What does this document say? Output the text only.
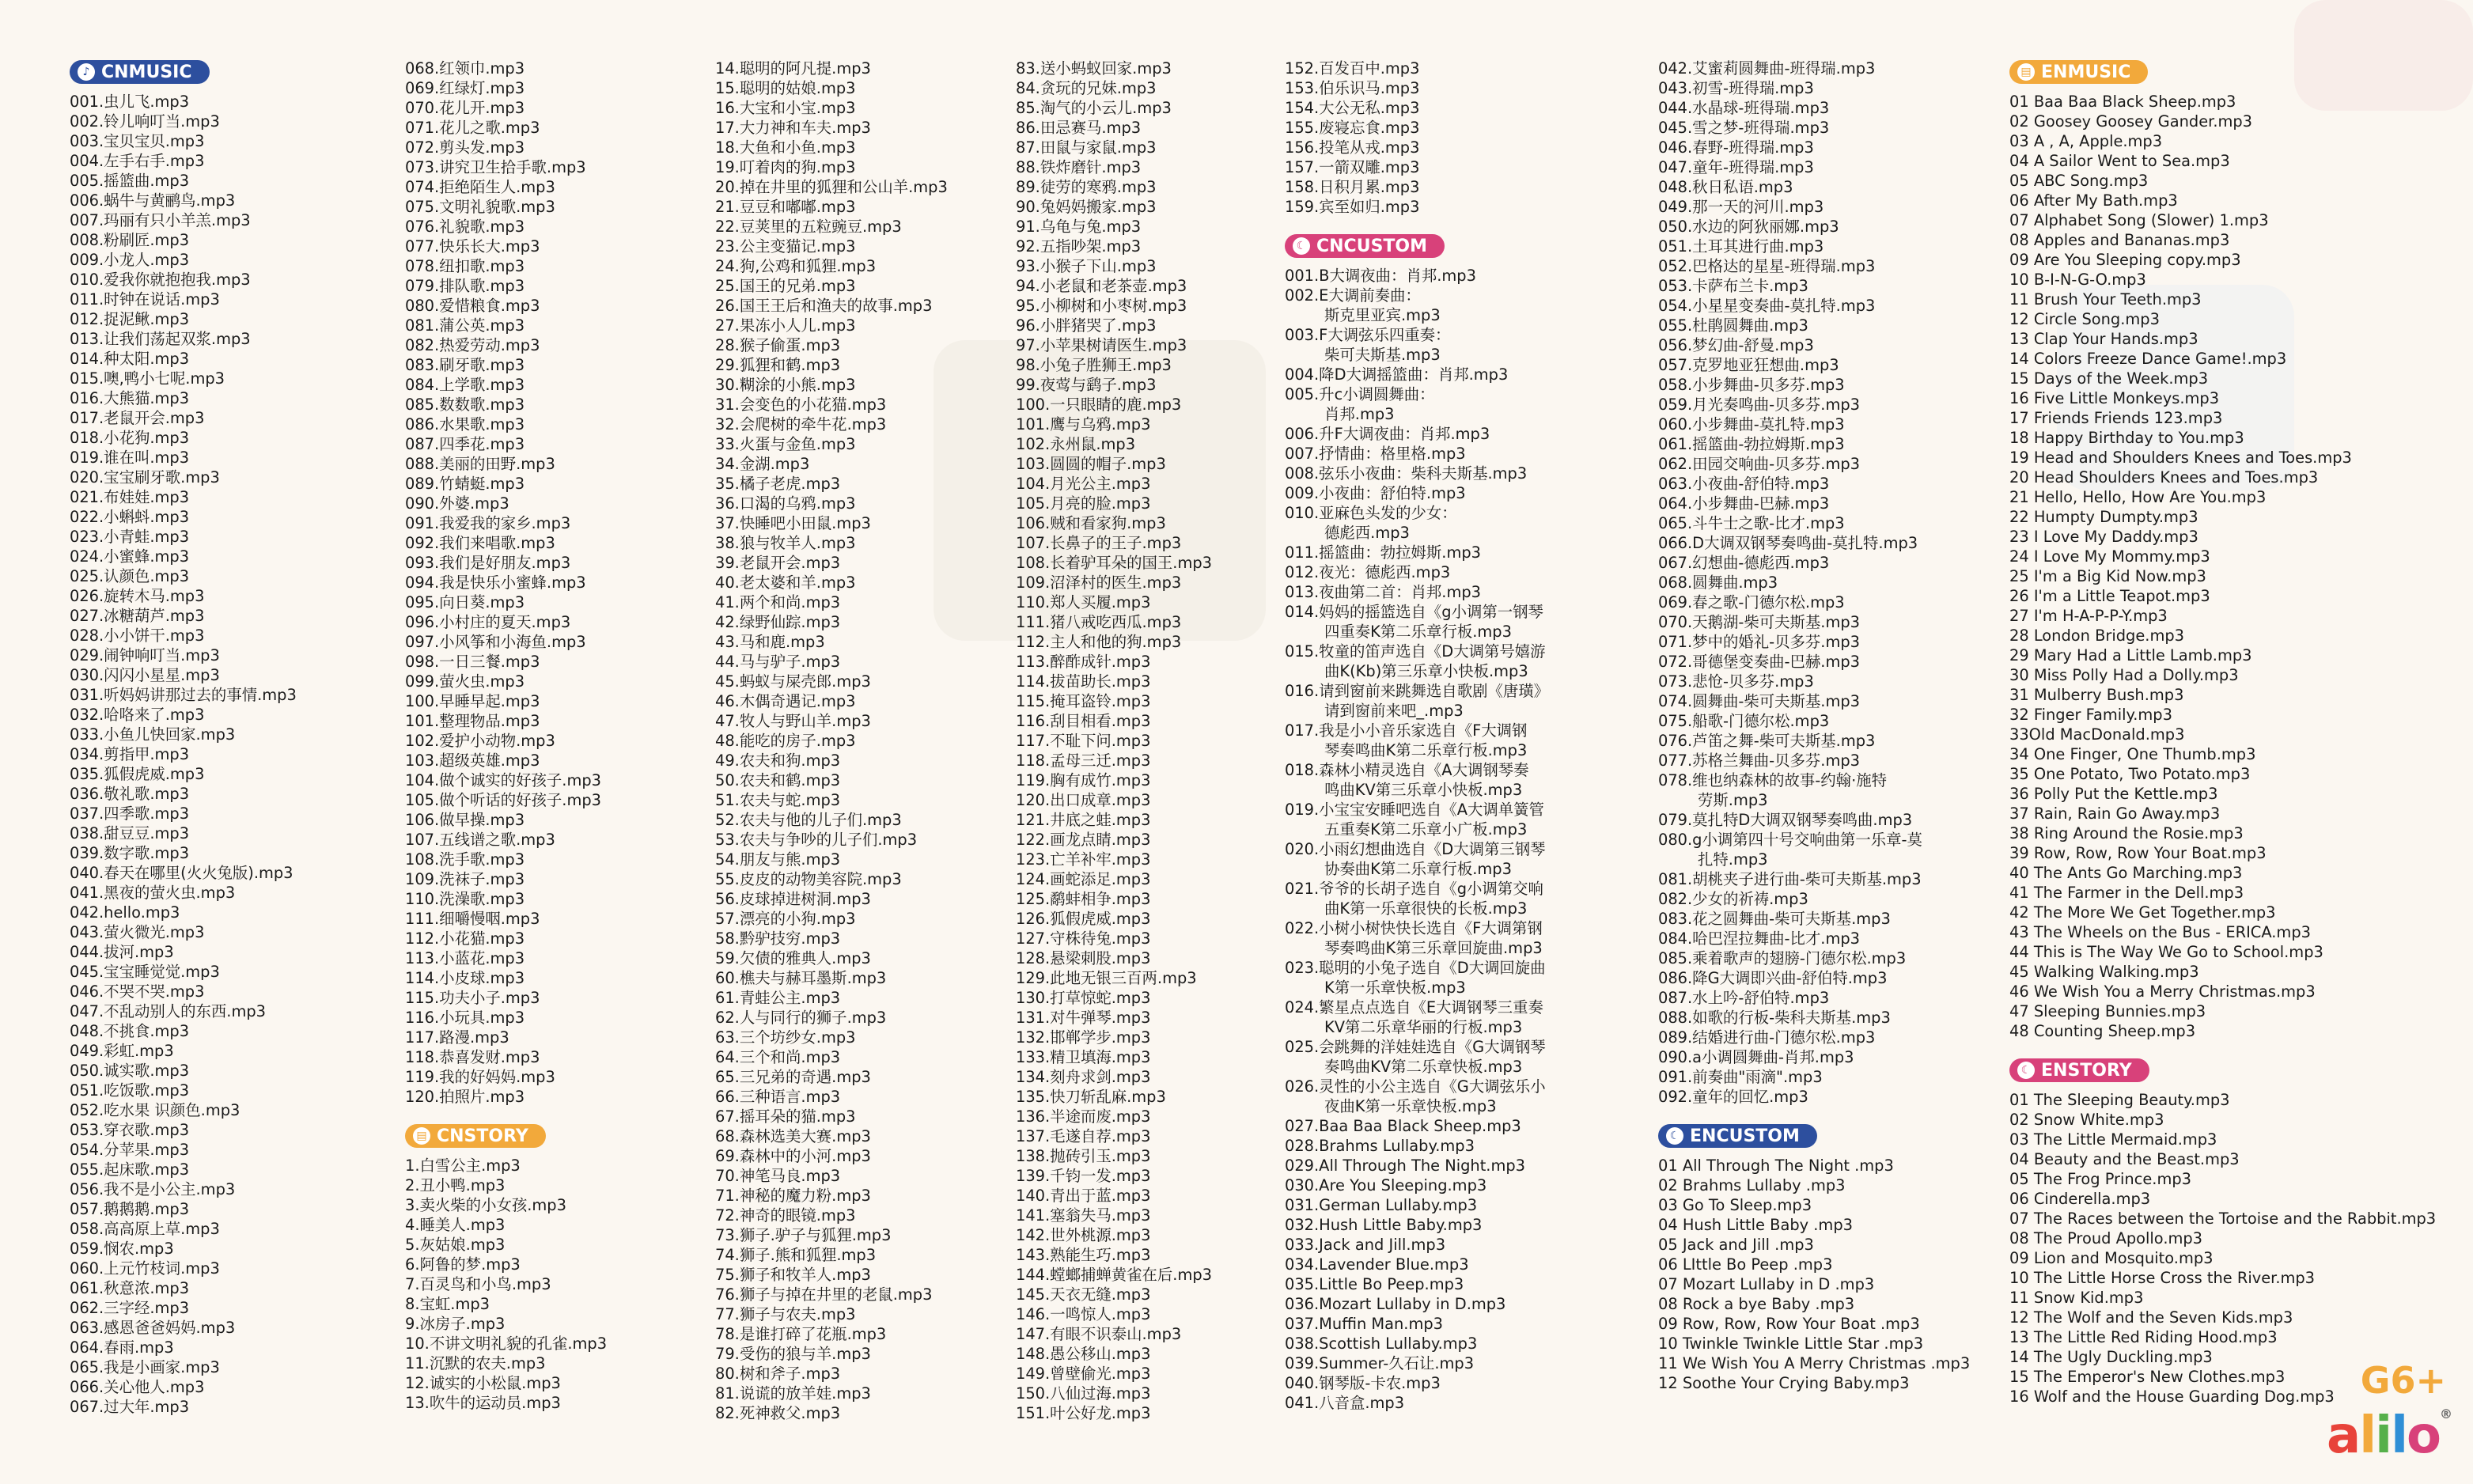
♪ CNMUSIC
001.虫儿飞.mp3
002.铃儿响叮当.mp3
003.宝贝宝贝.mp3
004.左手右手.mp3
005.摇篮曲.mp3
006.蜗牛与黄鹂鸟.mp3
007.玛丽有只小羊羔.mp3
008.粉刷匠.mp3
009.小龙人.mp3
010.爱我你就抱抱我.mp3
011.时钟在说话.mp3
012.捉泥鳅.mp3
013.让我们荡起双浆.mp3
014.种太阳.mp3
015.噢,鸭小七呢.mp3
016.大熊猫.mp3
017.老鼠开会.mp3
018.小花狗.mp3
019.谁在叫.mp3
020.宝宝刷牙歌.mp3
021.布娃娃.mp3
022.小蝌蚪.mp3
023.小青蛙.mp3
024.小蜜蜂.mp3
025.认颜色.mp3
026.旋转木马.mp3
027.冰糖葫芦.mp3
028.小小饼干.mp3
029.闹钟响叮当.mp3
030.闪闪小星星.mp3
031.听妈妈讲那过去的事情.mp3
032.哈咯来了.mp3
033.小鱼儿快回家.mp3
034.剪指甲.mp3
035.狐假虎威.mp3
036.敬礼歌.mp3
037.四季歌.mp3
038.甜豆豆.mp3
039.数字歌.mp3
040.春天在哪里(火火兔版).mp3
041.黑夜的萤火虫.mp3
042.hello.mp3
043.萤火微光.mp3
044.拔河.mp3
045.宝宝睡觉觉.mp3
046.不哭不哭.mp3
047.不乱动别人的东西.mp3
048.不挑食.mp3
049.彩虹.mp3
050.诚实歌.mp3
051.吃饭歌.mp3
052.吃水果 识颜色.mp3
053.穿衣歌.mp3
054.分苹果.mp3
055.起床歌.mp3
056.我不是小公主.mp3
057.鹅鹅鹅.mp3
058.高高原上草.mp3
059.悯农.mp3
060.上元竹枝词.mp3
061.秋意浓.mp3
062.三字经.mp3
063.感恩爸爸妈妈.mp3
064.春雨.mp3
065.我是小画家.mp3
066.关心他人.mp3
067.过大年.mp3
068.红领巾.mp3
069.红绿灯.mp3
070.花儿开.mp3
071.花儿之歌.mp3
072.剪头发.mp3
073.讲究卫生拾手歌.mp3
074.拒绝陌生人.mp3
075.文明礼貌歌.mp3
076.礼貌歌.mp3
077.快乐长大.mp3
078.纽扣歌.mp3
079.排队歌.mp3
080.爱惜粮食.mp3
081.蒲公英.mp3
082.热爱劳动.mp3
083.刷牙歌.mp3
084.上学歌.mp3
085.数数歌.mp3
086.水果歌.mp3
087.四季花.mp3
088.美丽的田野.mp3
089.竹蜻蜓.mp3
090.外婆.mp3
091.我爱我的家乡.mp3
092.我们来唱歌.mp3
093.我们是好朋友.mp3
094.我是快乐小蜜蜂.mp3
095.向日葵.mp3
096.小村庄的夏天.mp3
097.小风筝和小海鱼.mp3
098.一日三餐.mp3
099.萤火虫.mp3
100.早睡早起.mp3
101.整理物品.mp3
102.爱护小动物.mp3
103.超级英雄.mp3
104.做个诚实的好孩子.mp3
105.做个听话的好孩子.mp3
106.做早操.mp3
107.五线谱之歌.mp3
108.洗手歌.mp3
109.洗袜子.mp3
110.洗澡歌.mp3
111.细嚼慢咽.mp3
112.小花猫.mp3
113.小蓝花.mp3
114.小皮球.mp3
115.功夫小子.mp3
116.小玩具.mp3
117.路漫.mp3
118.恭喜发财.mp3
119.我的好妈妈.mp3
120.拍照片.mp3
▤ CNSTORY
1.白雪公主.mp3
2.丑小鸭.mp3
3.卖火柴的小女孩.mp3
4.睡美人.mp3
5.灰姑娘.mp3
6.阿鲁的梦.mp3
7.百灵鸟和小鸟.mp3
8.宝虹.mp3
9.冰房子.mp3
10.不讲文明礼貌的孔雀.mp3
11.沉默的农夫.mp3
12.诚实的小松鼠.mp3
13.吹牛的运动员.mp3
14.聪明的阿凡提.mp3
15.聪明的姑娘.mp3
16.大宝和小宝.mp3
17.大力神和车夫.mp3
18.大鱼和小鱼.mp3
19.叮着肉的狗.mp3
20.掉在井里的狐狸和公山羊.mp3
21.豆豆和嘟嘟.mp3
22.豆荚里的五粒豌豆.mp3
23.公主变猫记.mp3
24.狗,公鸡和狐狸.mp3
25.国王的兄弟.mp3
26.国王王后和渔夫的故事.mp3
27.果冻小人儿.mp3
28.猴子偷蛋.mp3
29.狐狸和鹤.mp3
30.糊涂的小熊.mp3
31.会变色的小花猫.mp3
32.会爬树的牵牛花.mp3
33.火蛋与金鱼.mp3
34.金湖.mp3
35.橘子老虎.mp3
36.口渴的乌鸦.mp3
37.快睡吧小田鼠.mp3
38.狼与牧羊人.mp3
39.老鼠开会.mp3
40.老太婆和羊.mp3
41.两个和尚.mp3
42.绿野仙踪.mp3
43.马和鹿.mp3
44.马与驴子.mp3
45.蚂蚁与屎壳郎.mp3
46.木偶奇遇记.mp3
47.牧人与野山羊.mp3
48.能吃的房子.mp3
49.农夫和狗.mp3
50.农夫和鹤.mp3
51.农夫与蛇.mp3
52.农夫与他的儿子们.mp3
53.农夫与争吵的儿子们.mp3
54.朋友与熊.mp3
55.皮皮的动物美容院.mp3
56.皮球掉进树洞.mp3
57.漂亮的小狗.mp3
58.黔驴技穷.mp3
59.欠债的雅典人.mp3
60.樵夫与赫耳墨斯.mp3
61.青蛙公主.mp3
62.人与同行的狮子.mp3
63.三个坊纱女.mp3
64.三个和尚.mp3
65.三兄弟的奇遇.mp3
66.三种语言.mp3
67.摇耳朵的猫.mp3
68.森林选美大赛.mp3
69.森林中的小河.mp3
70.神笔马良.mp3
71.神秘的魔力粉.mp3
72.神奇的眼镜.mp3
73.狮子.驴子与狐狸.mp3
74.狮子.熊和狐狸.mp3
75.狮子和牧羊人.mp3
76.狮子与掉在井里的老鼠.mp3
77.狮子与农夫.mp3
78.是谁打碎了花瓶.mp3
79.受伤的狼与羊.mp3
80.树和斧子.mp3
81.说谎的放羊娃.mp3
82.死神救父.mp3
83.送小蚂蚁回家.mp3
84.贪玩的兄妹.mp3
85.淘气的小云儿.mp3
86.田忌赛马.mp3
87.田鼠与家鼠.mp3
88.铁炸磨针.mp3
89.徒劳的寒鸦.mp3
90.兔妈妈搬家.mp3
91.乌龟与兔.mp3
92.五指吵架.mp3
93.小猴子下山.mp3
94.小老鼠和老茶壶.mp3
95.小柳树和小枣树.mp3
96.小胖猪哭了.mp3
97.小苹果树请医生.mp3
98.小兔子胜狮王.mp3
99.夜莺与鹞子.mp3
100.一只眼睛的鹿.mp3
101.鹰与乌鸦.mp3
102.永州鼠.mp3
103.圆圆的帽子.mp3
104.月光公主.mp3
105.月亮的脸.mp3
106.贼和看家狗.mp3
107.长鼻子的王子.mp3
108.长着驴耳朵的国王.mp3
109.沼泽村的医生.mp3
110.郑人买履.mp3
111.猪八戒吃西瓜.mp3
112.主人和他的狗.mp3
113.醉酢成针.mp3
114.拔苗助长.mp3
115.掩耳盗铃.mp3
116.刮目相看.mp3
117.不耻下问.mp3
118.孟母三迁.mp3
119.胸有成竹.mp3
120.出口成章.mp3
121.井底之蛙.mp3
122.画龙点睛.mp3
123.亡羊补牢.mp3
124.画蛇添足.mp3
125.鹬蚌相争.mp3
126.狐假虎威.mp3
127.守株待兔.mp3
128.悬梁刺股.mp3
129.此地无银三百两.mp3
130.打草惊蛇.mp3
131.对牛弹琴.mp3
132.邯郸学步.mp3
133.精卫填海.mp3
134.刻舟求剑.mp3
135.快刀斩乱麻.mp3
136.半途而废.mp3
137.毛遂自荐.mp3
138.抛砖引玉.mp3
139.千钧一发.mp3
140.青出于蓝.mp3
141.塞翁失马.mp3
142.世外桃源.mp3
143.熟能生巧.mp3
144.螳螂捕蝉黄雀在后.mp3
145.天衣无缝.mp3
146.一鸣惊人.mp3
147.有眼不识泰山.mp3
148.愚公移山.mp3
149.曾壁偷光.mp3
150.八仙过海.mp3
151.叶公好龙.mp3
152.百发百中.mp3
153.伯乐识马.mp3
154.大公无私.mp3
155.废寝忘食.mp3
156.投笔从戎.mp3
157.一箭双雕.mp3
158.日积月累.mp3
159.宾至如归.mp3
☾ CNCUSTOM
001.B大调夜曲：肖邦.mp3
002.E大调前奏曲：
斯克里亚宾.mp3
003.F大调弦乐四重奏：
柴可夫斯基.mp3
004.降D大调摇篮曲：肖邦.mp3
005.升c小调圆舞曲：
肖邦.mp3
006.升F大调夜曲：肖邦.mp3
007.抒情曲：格里格.mp3
008.弦乐小夜曲：柴科夫斯基.mp3
009.小夜曲：舒伯特.mp3
010.亚麻色头发的少女：
德彪西.mp3
011.摇篮曲：勃拉姆斯.mp3
012.夜光：德彪西.mp3
013.夜曲第二首：肖邦.mp3
014.妈妈的摇篮选自《g小调第一钢琴
四重奏K第二乐章行板.mp3
015.牧童的笛声选自《D大调第号嬉游
曲K(Kb)第三乐章小快板.mp3
016.请到窗前来跳舞选自歌剧《唐璜》
请到窗前来吧_.mp3
017.我是小小音乐家选自《F大调钢
琴奏鸣曲K第二乐章行板.mp3
018.森林小精灵选自《A大调钢琴奏
鸣曲KV第三乐章小快板.mp3
019.小宝宝安睡吧选自《A大调单簧管
五重奏K第二乐章小广板.mp3
020.小雨幻想曲选自《D大调第三钢琴
协奏曲K第二乐章行板.mp3
021.爷爷的长胡子选自《g小调第交响
曲K第一乐章很快的长板.mp3
022.小树小树快快长选自《F大调第钢
琴奏鸣曲K第三乐章回旋曲.mp3
023.聪明的小兔子选自《D大调回旋曲
K第一乐章快板.mp3
024.繁星点点选自《E大调钢琴三重奏
KV第二乐章华丽的行板.mp3
025.会跳舞的洋娃娃选自《G大调钢琴
奏鸣曲KV第二乐章快板.mp3
026.灵性的小公主选自《G大调弦乐小
夜曲K第一乐章快板.mp3
027.Baa Baa Black Sheep.mp3
028.Brahms Lullaby.mp3
029.All Through The Night.mp3
030.Are You Sleeping.mp3
031.German Lullaby.mp3
032.Hush Little Baby.mp3
033.Jack and Jill.mp3
034.Lavender Blue.mp3
035.Little Bo Peep.mp3
036.Mozart Lullaby in D.mp3
037.Muffin Man.mp3
038.Scottish Lullaby.mp3
039.Summer-久石让.mp3
040.钢琴版-卡农.mp3
041.八音盒.mp3
042.艾蜜莉圆舞曲-班得瑞.mp3
043.初雪-班得瑞.mp3
044.水晶球-班得瑞.mp3
045.雪之梦-班得瑞.mp3
046.春野-班得瑞.mp3
047.童年-班得瑞.mp3
048.秋日私语.mp3
049.那一天的河川.mp3
050.水边的阿狄丽娜.mp3
051.土耳其进行曲.mp3
052.巴格达的星星-班得瑞.mp3
053.卡萨布兰卡.mp3
054.小星星变奏曲-莫扎特.mp3
055.杜鹃圆舞曲.mp3
056.梦幻曲-舒曼.mp3
057.克罗地亚狂想曲.mp3
058.小步舞曲-贝多芬.mp3
059.月光奏鸣曲-贝多芬.mp3
060.小步舞曲-莫扎特.mp3
061.摇篮曲-勃拉姆斯.mp3
062.田园交响曲-贝多芬.mp3
063.小夜曲-舒伯特.mp3
064.小步舞曲-巴赫.mp3
065.斗牛士之歌-比才.mp3
066.D大调双钢琴奏鸣曲-莫扎特.mp3
067.幻想曲-德彪西.mp3
068.圆舞曲.mp3
069.春之歌-门德尔松.mp3
070.天鹅湖-柴可夫斯基.mp3
071.梦中的婚礼-贝多芬.mp3
072.哥德堡变奏曲-巴赫.mp3
073.悲怆-贝多芬.mp3
074.圆舞曲-柴可夫斯基.mp3
075.船歌-门德尔松.mp3
076.芦笛之舞-柴可夫斯基.mp3
077.苏格兰舞曲-贝多芬.mp3
078.维也纳森林的故事-约翰·施特
劳斯.mp3
079.莫扎特D大调双钢琴奏鸣曲.mp3
080.g小调第四十号交响曲第一乐章-莫
扎特.mp3
081.胡桃夹子进行曲-柴可夫斯基.mp3
082.少女的祈祷.mp3
083.花之圆舞曲-柴可夫斯基.mp3
084.哈巴涅拉舞曲-比才.mp3
085.乘着歌声的翅膀-门德尔松.mp3
086.降G大调即兴曲-舒伯特.mp3
087.水上吟-舒伯特.mp3
088.如歌的行板-柴科夫斯基.mp3
089.结婚进行曲-门德尔松.mp3
090.a小调圆舞曲-肖邦.mp3
091.前奏曲"雨滴".mp3
092.童年的回忆.mp3
☾ ENCUSTOM
01 All Through The Night .mp3
02 Brahms Lullaby .mp3
03 Go To Sleep.mp3
04 Hush Little Baby .mp3
05 Jack and Jill .mp3
06 LIttle Bo Peep .mp3
07 Mozart Lullaby in D .mp3
08 Rock a bye Baby .mp3
09 Row, Row, Row Your Boat .mp3
10 Twinkle Twinkle Little Star .mp3
11 We Wish You A Merry Christmas .mp3
12 Soothe Your Crying Baby.mp3
▤ ENMUSIC
01 Baa Baa Black Sheep.mp3
02 Goosey Goosey Gander.mp3
03 A , A, Apple.mp3
04 A Sailor Went to Sea.mp3
05 ABC Song.mp3
06 After My Bath.mp3
07 Alphabet Song (Slower) 1.mp3
08 Apples and Bananas.mp3
09 Are You Sleeping copy.mp3
10 B-I-N-G-O.mp3
11 Brush Your Teeth.mp3
12 Circle Song.mp3
13 Clap Your Hands.mp3
14 Colors Freeze Dance Game!.mp3
15 Days of the Week.mp3
16 Five Little Monkeys.mp3
17 Friends Friends 123.mp3
18 Happy Birthday to You.mp3
19 Head and Shoulders Knees and Toes.mp3
20 Head Shoulders Knees and Toes.mp3
21 Hello, Hello, How Are You.mp3
22 Humpty Dumpty.mp3
23 I Love My Daddy.mp3
24 I Love My Mommy.mp3
25 I'm a Big Kid Now.mp3
26 I'm a Little Teapot.mp3
27 I'm H-A-P-P-Y.mp3
28 London Bridge.mp3
29 Mary Had a Little Lamb.mp3
30 Miss Polly Had a Dolly.mp3
31 Mulberry Bush.mp3
32 Finger Family.mp3
33Old MacDonald.mp3
34 One Finger, One Thumb.mp3
35 One Potato, Two Potato.mp3
36 Polly Put the Kettle.mp3
37 Rain, Rain Go Away.mp3
38 Ring Around the Rosie.mp3
39 Row, Row, Row Your Boat.mp3
40 The Ants Go Marching.mp3
41 The Farmer in the Dell.mp3
42 The More We Get Together.mp3
43 The Wheels on the Bus - ERICA.mp3
44 This is The Way We Go to School.mp3
45 Walking Walking.mp3
46 We Wish You a Merry Christmas.mp3
47 Sleeping Bunnies.mp3
48 Counting Sheep.mp3
☾ ENSTORY
01 The Sleeping Beauty.mp3
02 Snow White.mp3
03 The Little Mermaid.mp3
04 Beauty and the Beast.mp3
05 The Frog Prince.mp3
06 Cinderella.mp3
07 The Races between the Tortoise and the Rabbit.mp3
08 The Proud Apollo.mp3
09 Lion and Mosquito.mp3
10 The Little Horse Cross the River.mp3
11 Snow Kid.mp3
12 The Wolf and the Seven Kids.mp3
13 The Little Red Riding Hood.mp3
14 The Ugly Duckling.mp3
15 The Emperor's New Clothes.mp3
16 Wolf and the House Guarding Dog.mp3 G6+
alilo®
